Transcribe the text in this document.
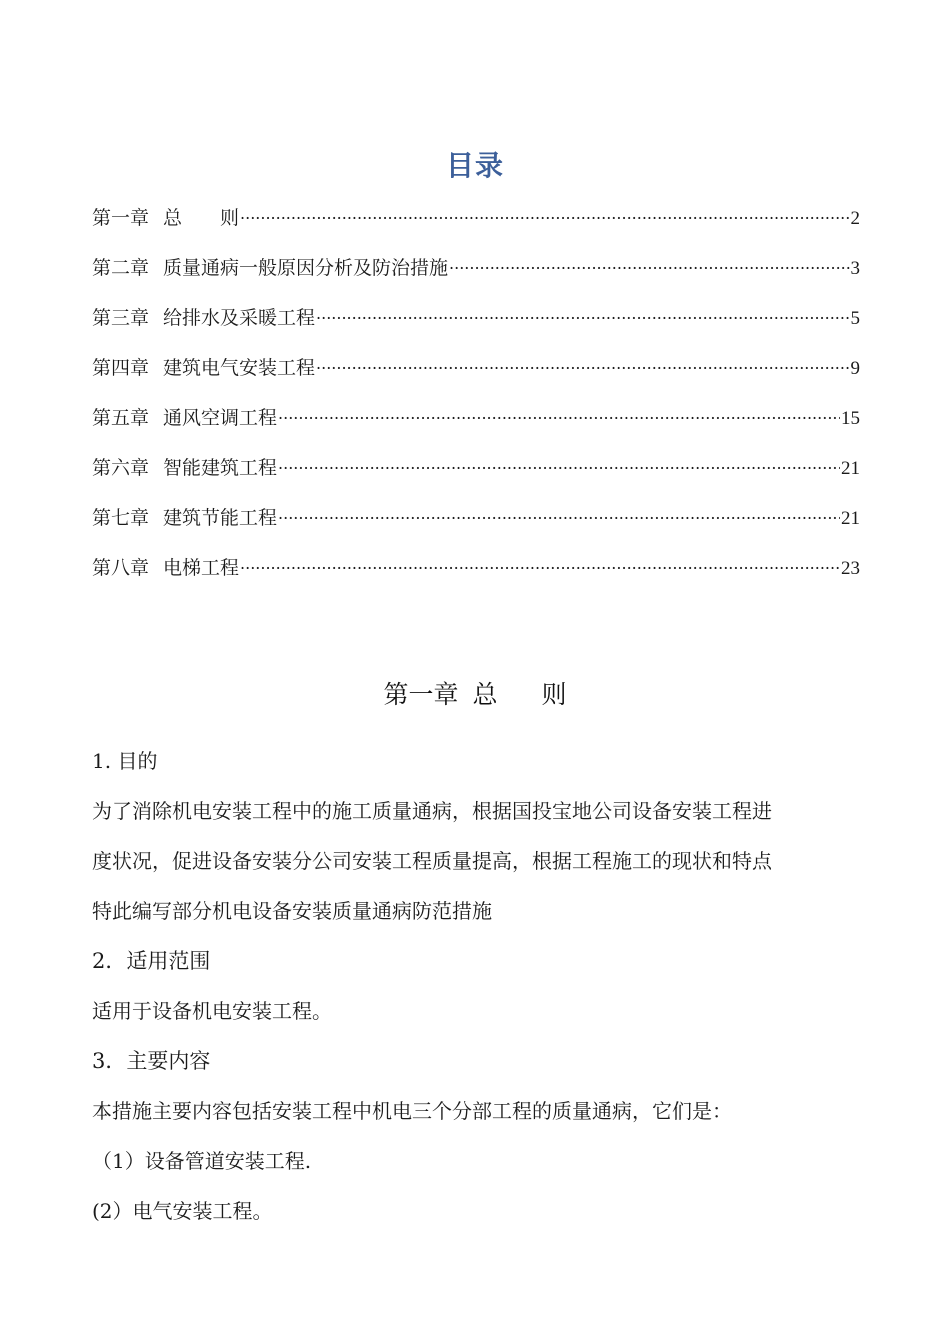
目录
第一章 总　　则 .....	2
第二章 质量通病一般原因分析及防治措施 .....	3
第三章 给排水及采暖工程 .....	5
第四章 建筑电气安装工程 .....	9
第五章 通风空调工程 .....	15
第六章 智能建筑工程 .....	21
第七章 建筑节能工程 .....	21
第八章 电梯工程 .....	23
第一章 总 则

1. 目的

为了消除机电安装工程中的施工质量通病，根据国投宝地公司设备安装工程进

度状况，促进设备安装分公司安装工程质量提高，根据工程施工的现状和特点

特此编写部分机电设备安装质量通病防范措施

2．适用范围

适用于设备机电安装工程。

3．主要内容

本措施主要内容包括安装工程中机电三个分部工程的质量通病，它们是：

（1）设备管道安装工程.

(2）电气安装工程。
